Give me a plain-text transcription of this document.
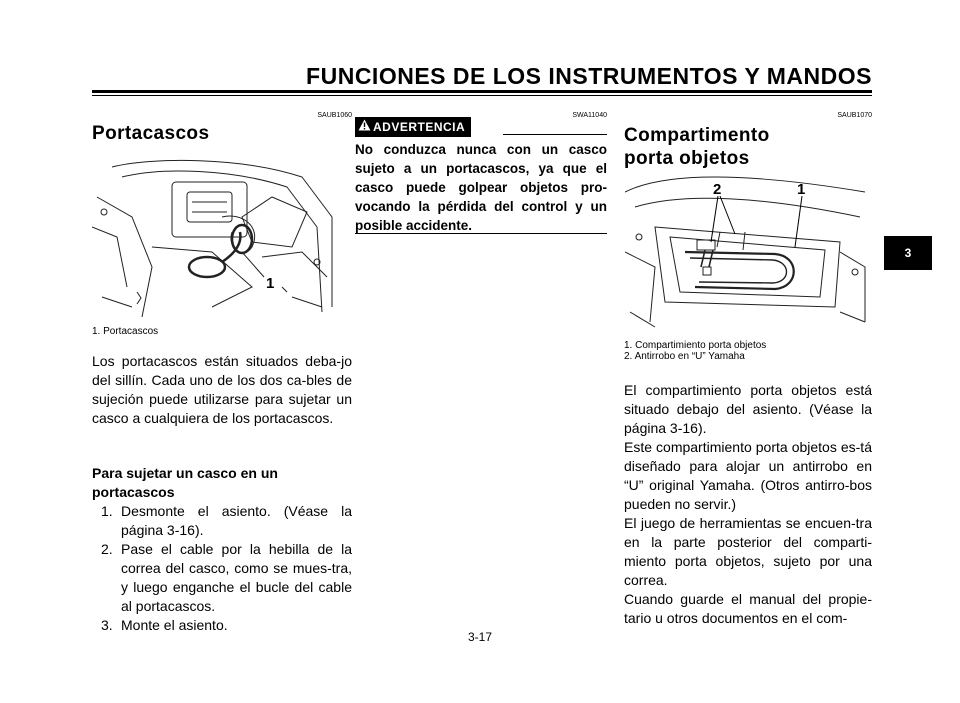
FUNCIONES DE LOS INSTRUMENTOS Y MANDOS
3
SAUB1060
Portacascos
1
1. Portacascos
Los portacascos están situados deba-jo del sillín. Cada uno de los dos ca-bles de sujeción puede utilizarse para sujetar un casco a cualquiera de los portacascos.
Para sujetar un casco en un portacascos
1. Desmonte el asiento. (Véase la página 3-16).
2. Pase el cable por la hebilla de la correa del casco, como se mues-tra, y luego enganche el bucle del cable al portacascos.
3. Monte el asiento.
SWA11040
ADVERTENCIA
No conduzca nunca con un casco sujeto a un portacascos, ya que el casco puede golpear objetos pro-vocando la pérdida del control y un posible accidente.
SAUB1070
Compartimento porta objetos
2	1
1. Compartimiento porta objetos
2. Antirrobo en “U” Yamaha
El compartimiento porta objetos está situado debajo del asiento. (Véase la página 3-16).
Este compartimiento porta objetos es-tá diseñado para alojar un antirrobo en “U” original Yamaha. (Otros antirro-bos pueden no servir.)
El juego de herramientas se encuen-tra en la parte posterior del comparti-miento porta objetos, sujeto por una correa.
Cuando guarde el manual del propie-tario u otros documentos en el com-
3-17
